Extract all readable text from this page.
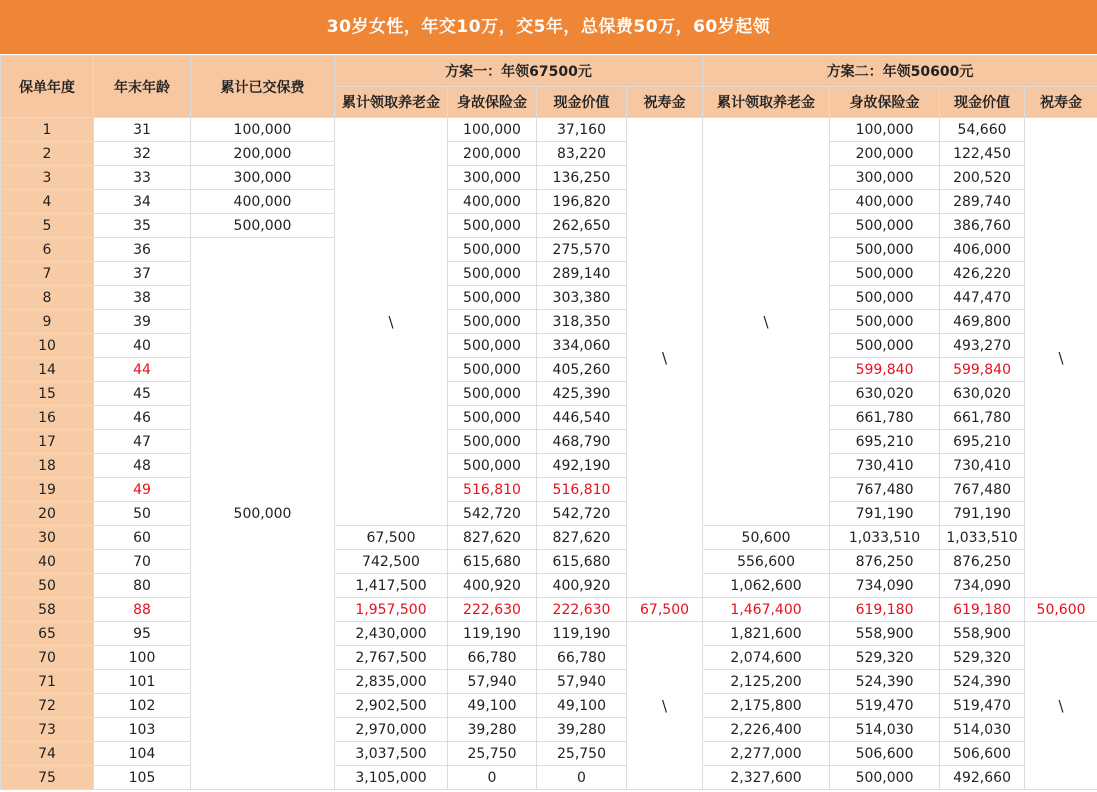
30岁女性，年交10万，交5年，总保费50万，60岁起领
保单年度	年末年龄	累计已交保费	方案一：年领67500元				方案二：年领50600元			
			累计领取养老金	身故保险金	现金价值	祝寿金	累计领取养老金	身故保险金	现金价值	祝寿金
1	31	100,000	\	100,000	37,160	\	\	100,000	54,660	\
2	32	200,000		200,000	83,220			200,000	122,450	
3	33	300,000		300,000	136,250			300,000	200,520	
4	34	400,000		400,000	196,820			400,000	289,740	
5	35	500,000		500,000	262,650			500,000	386,760	
6	36	500,000		500,000	275,570			500,000	406,000	
7	37			500,000	289,140			500,000	426,220	
8	38			500,000	303,380			500,000	447,470	
9	39			500,000	318,350			500,000	469,800	
10	40			500,000	334,060			500,000	493,270	
14	44			500,000	405,260			599,840	599,840	
15	45			500,000	425,390			630,020	630,020	
16	46			500,000	446,540			661,780	661,780	
17	47			500,000	468,790			695,210	695,210	
18	48			500,000	492,190			730,410	730,410	
19	49			516,810	516,810			767,480	767,480	
20	50			542,720	542,720			791,190	791,190	
30	60		67,500	827,620	827,620		50,600	1,033,510	1,033,510	
40	70		742,500	615,680	615,680		556,600	876,250	876,250	
50	80		1,417,500	400,920	400,920		1,062,600	734,090	734,090	
58	88		1,957,500	222,630	222,630	67,500	1,467,400	619,180	619,180	50,600
65	95		2,430,000	119,190	119,190	\	1,821,600	558,900	558,900	\
70	100		2,767,500	66,780	66,780		2,074,600	529,320	529,320	
71	101		2,835,000	57,940	57,940		2,125,200	524,390	524,390	
72	102		2,902,500	49,100	49,100		2,175,800	519,470	519,470	
73	103		2,970,000	39,280	39,280		2,226,400	514,030	514,030	
74	104		3,037,500	25,750	25,750		2,277,000	506,600	506,600	
75	105		3,105,000	0	0		2,327,600	500,000	492,660	
